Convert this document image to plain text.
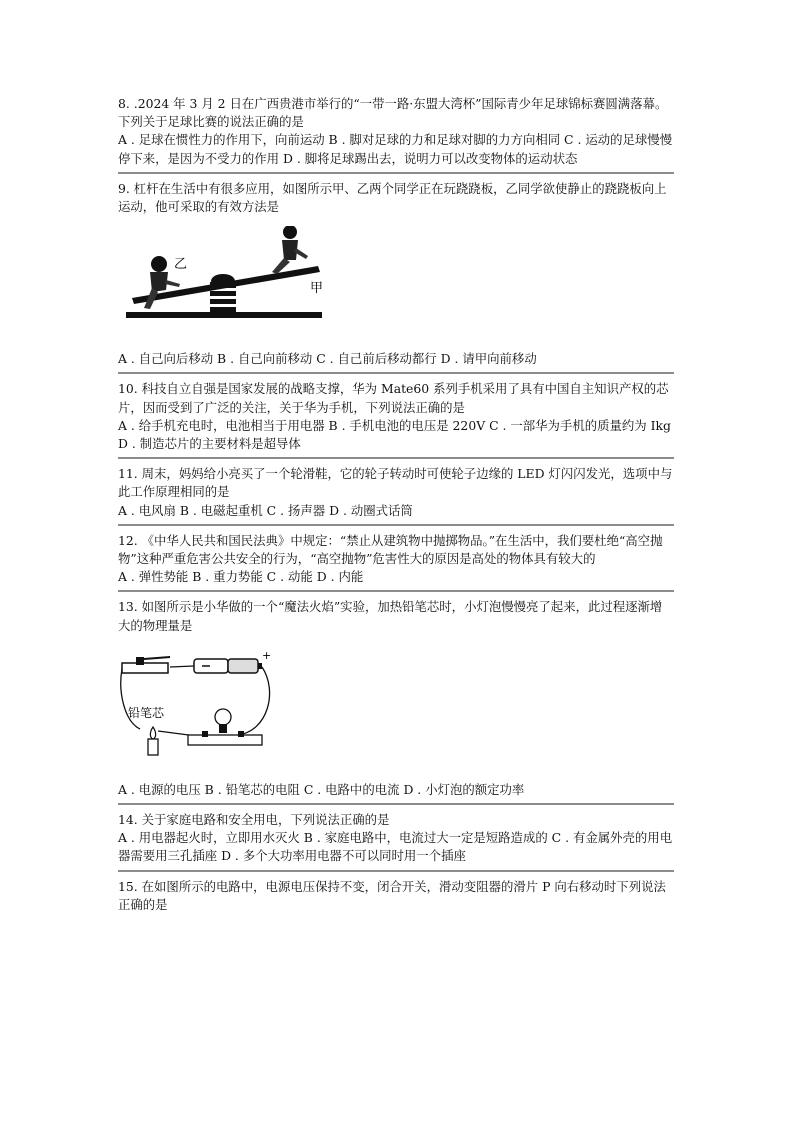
8. .2024 年 3 月 2 日在广西贵港市举行的“一带一路·东盟大湾杯”国际青少年足球锦标赛圆满落幕。下列关于足球比赛的说法正确的是

A . 足球在惯性力的作用下，向前运动 B . 脚对足球的力和足球对脚的力方向相同 C . 运动的足球慢慢停下来，是因为不受力的作用 D . 脚将足球踢出去，说明力可以改变物体的运动状态

9. 杠杆在生活中有很多应用，如图所示甲、乙两个同学正在玩跷跷板，乙同学欲使静止的跷跷板向上运动，他可采取的有效方法是

乙
甲

A . 自己向后移动 B . 自己向前移动 C . 自己前后移动都行 D . 请甲向前移动

10. 科技自立自强是国家发展的战略支撑，华为 Mate60 系列手机采用了具有中国自主知识产权的芯片，因而受到了广泛的关注，关于华为手机，下列说法正确的是

A . 给手机充电时，电池相当于用电器 B . 手机电池的电压是 220V C . 一部华为手机的质量约为 Ikg D . 制造芯片的主要材料是超导体

11. 周末，妈妈给小亮买了一个轮滑鞋，它的轮子转动时可使轮子边缘的 LED 灯闪闪发光，选项中与此工作原理相同的是

A . 电风扇 B . 电磁起重机 C . 扬声器 D . 动圈式话筒

12. 《中华人民共和国民法典》中规定：“禁止从建筑物中抛掷物品。”在生活中，我们要杜绝“高空抛物”这种严重危害公共安全的行为，“高空抛物”危害性大的原因是高处的物体具有较大的

A . 弹性势能 B . 重力势能 C . 动能 D . 内能

13. 如图所示是小华做的一个“魔法火焰”实验，加热铅笔芯时，小灯泡慢慢亮了起来，此过程逐渐增大的物理量是

+
铅笔芯

A . 电源的电压 B . 铅笔芯的电阻 C . 电路中的电流 D . 小灯泡的额定功率

14. 关于家庭电路和安全用电，下列说法正确的是

A . 用电器起火时，立即用水灭火 B . 家庭电路中，电流过大一定是短路造成的 C . 有金属外壳的用电器需要用三孔插座 D . 多个大功率用电器不可以同时用一个插座

15. 在如图所示的电路中，电源电压保持不变，闭合开关，滑动变阻器的滑片 P 向右移动时下列说法正确的是
